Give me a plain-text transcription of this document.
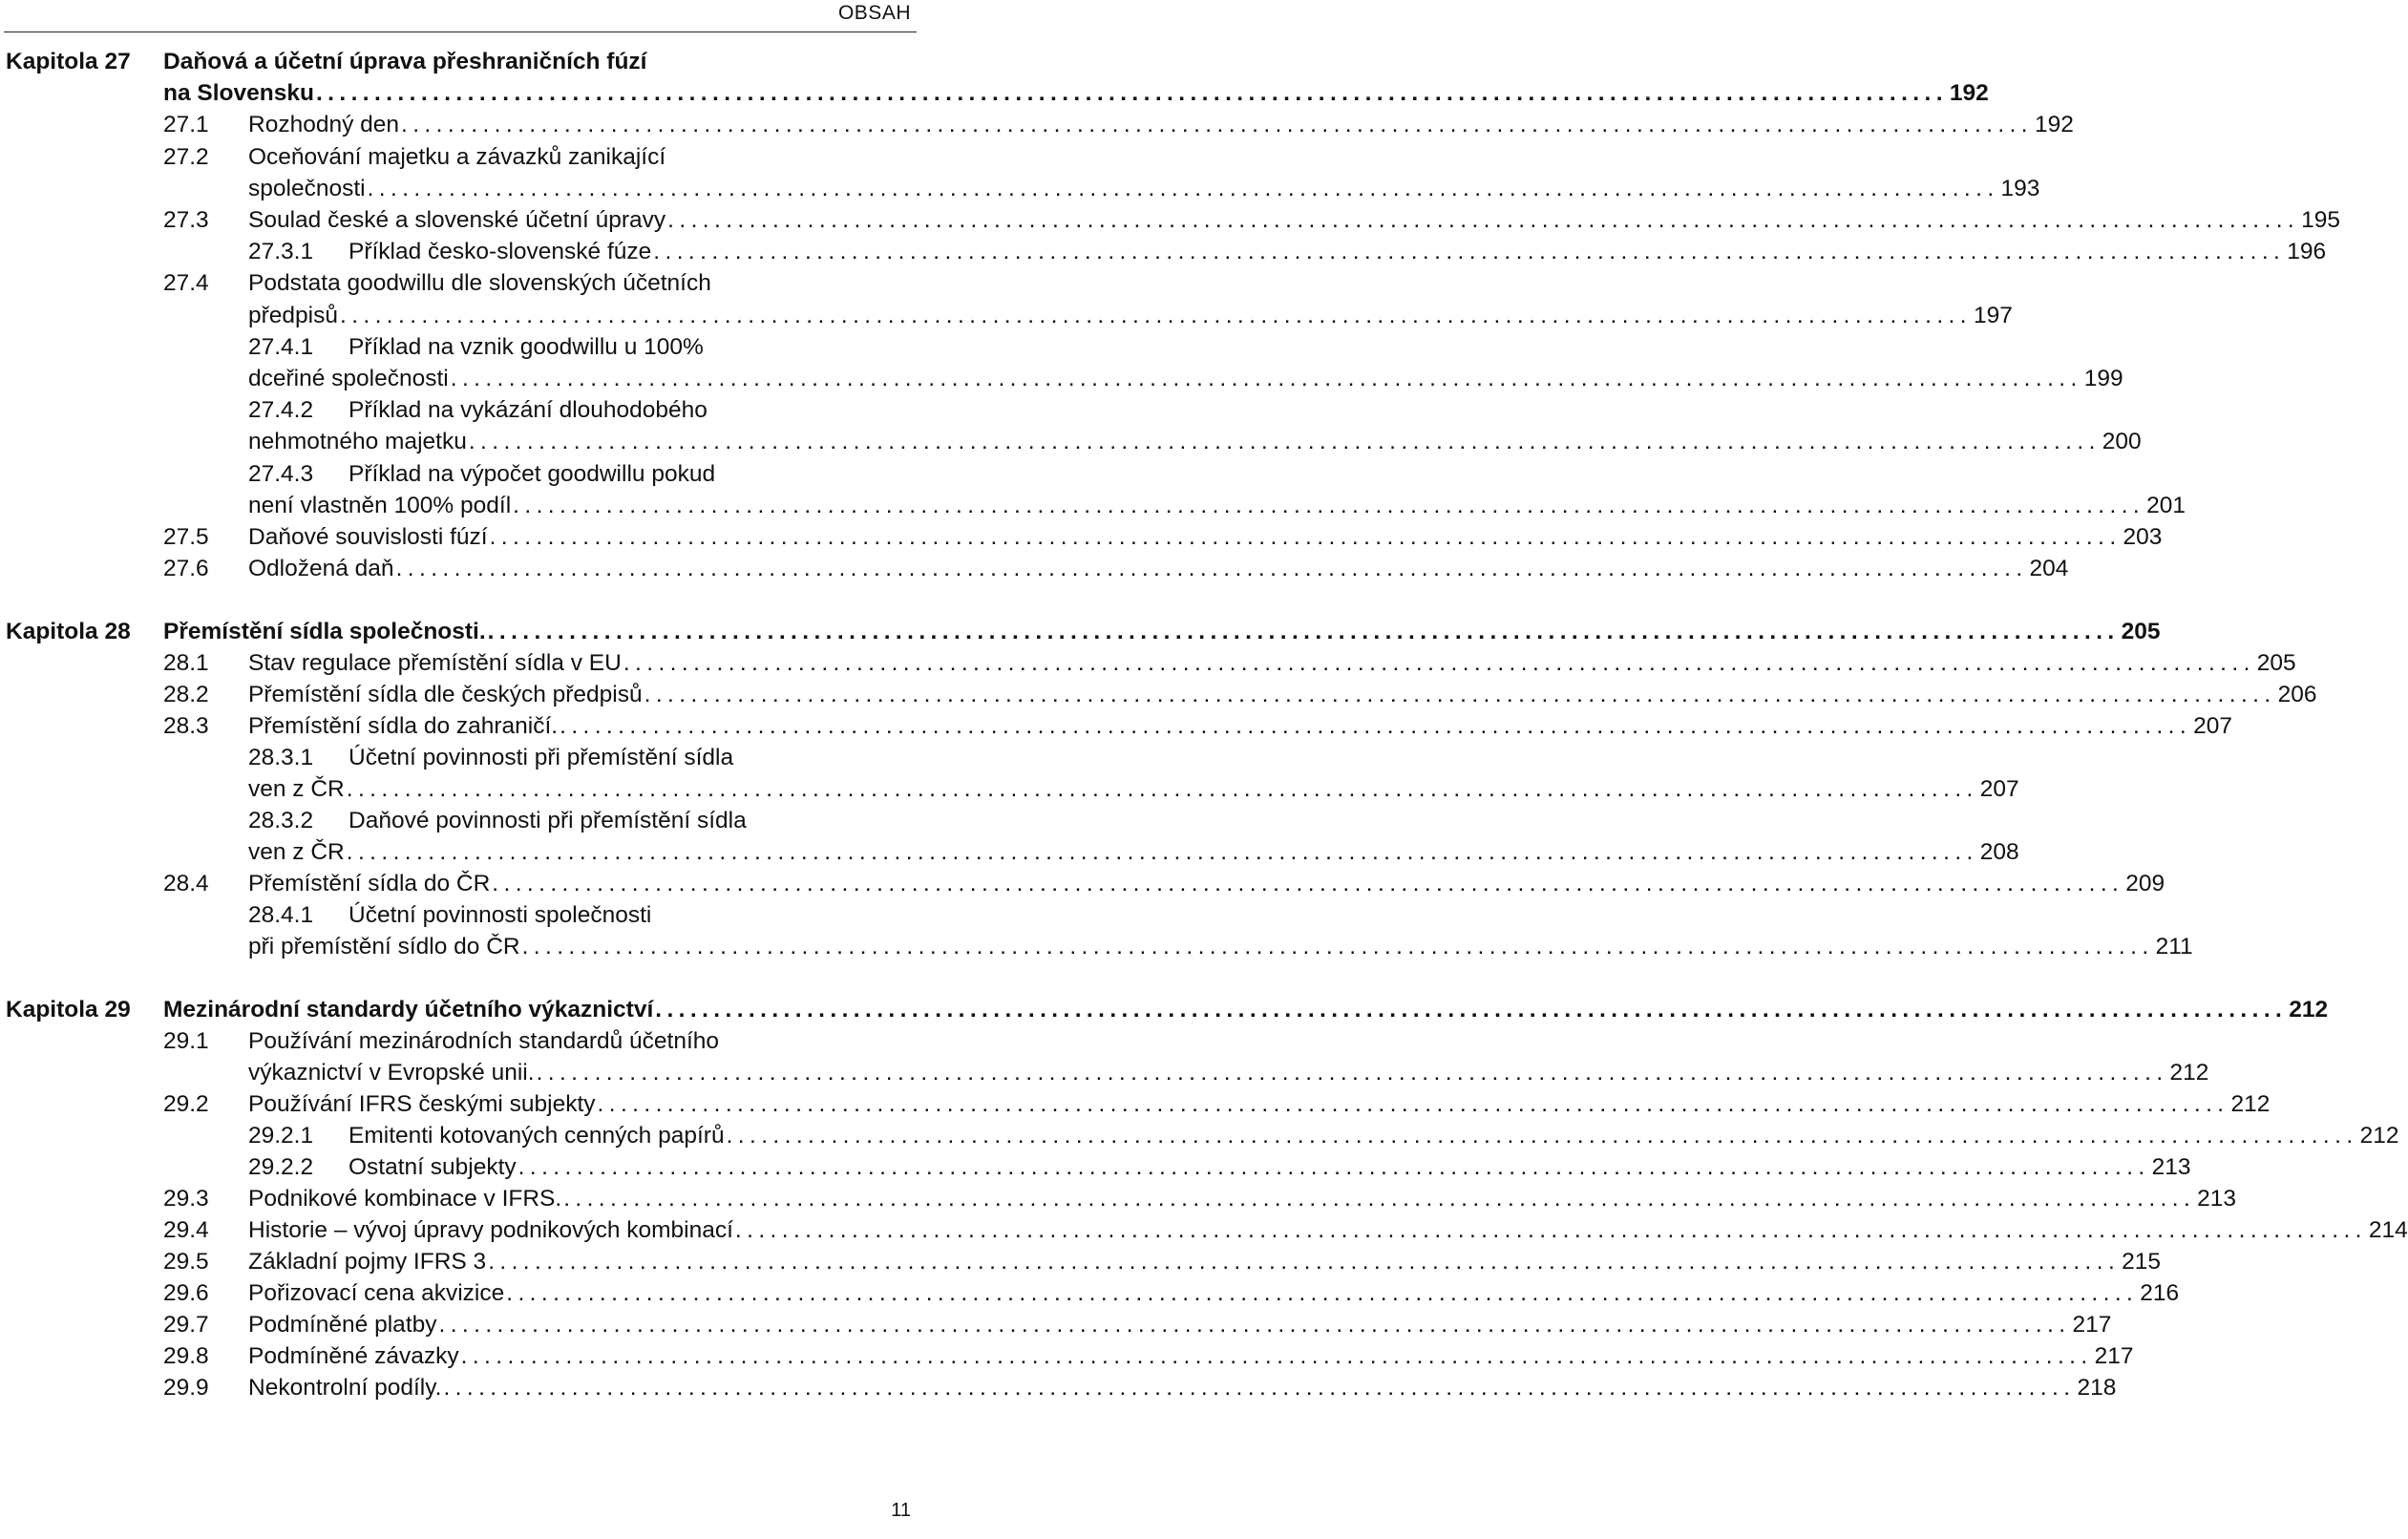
OBSAH
Kapitola 27 Daňová a účetní úprava přeshraničních fúzí
na Slovensku ............................................................................................................................................ 192
27.1 Rozhodný den ............................................................................................................................................ 192
27.2 Oceňování majetku a závazků zanikající
společnosti ............................................................................................................................................ 193
27.3 Soulad české a slovenské účetní úpravy ............................................................................................................................................ 195
27.3.1 Příklad česko-slovenské fúze ............................................................................................................................................ 196
27.4 Podstata goodwillu dle slovenských účetních
předpisů ............................................................................................................................................ 197
27.4.1 Příklad na vznik goodwillu u 100%
dceřiné společnosti ............................................................................................................................................ 199
27.4.2 Příklad na vykázání dlouhodobého
nehmotného majetku ............................................................................................................................................ 200
27.4.3 Příklad na výpočet goodwillu pokud
není vlastněn 100% podíl ............................................................................................................................................ 201
27.5 Daňové souvislosti fúzí ............................................................................................................................................ 203
27.6 Odložená daň ............................................................................................................................................ 204
Kapitola 28 Přemístění sídla společnosti. ............................................................................................................................................ 205
28.1 Stav regulace přemístění sídla v EU ............................................................................................................................................ 205
28.2 Přemístění sídla dle českých předpisů ............................................................................................................................................ 206
28.3 Přemístění sídla do zahraničí. ............................................................................................................................................ 207
28.3.1 Účetní povinnosti při přemístění sídla
ven z ČR ............................................................................................................................................ 207
28.3.2 Daňové povinnosti při přemístění sídla
ven z ČR ............................................................................................................................................ 208
28.4 Přemístění sídla do ČR ............................................................................................................................................ 209
28.4.1 Účetní povinnosti společnosti
při přemístění sídlo do ČR ............................................................................................................................................ 211
Kapitola 29 Mezinárodní standardy účetního výkaznictví ............................................................................................................................................ 212
29.1 Používání mezinárodních standardů účetního
výkaznictví v Evropské unii. ............................................................................................................................................ 212
29.2 Používání IFRS českými subjekty ............................................................................................................................................ 212
29.2.1 Emitenti kotovaných cenných papírů ............................................................................................................................................ 212
29.2.2 Ostatní subjekty ............................................................................................................................................ 213
29.3 Podnikové kombinace v IFRS. ............................................................................................................................................ 213
29.4 Historie – vývoj úpravy podnikových kombinací ............................................................................................................................................ 214
29.5 Základní pojmy IFRS 3 ............................................................................................................................................ 215
29.6 Pořizovací cena akvizice ............................................................................................................................................ 216
29.7 Podmíněné platby ............................................................................................................................................ 217
29.8 Podmíněné závazky ............................................................................................................................................ 217
29.9 Nekontrolní podíly. ............................................................................................................................................ 218
11
